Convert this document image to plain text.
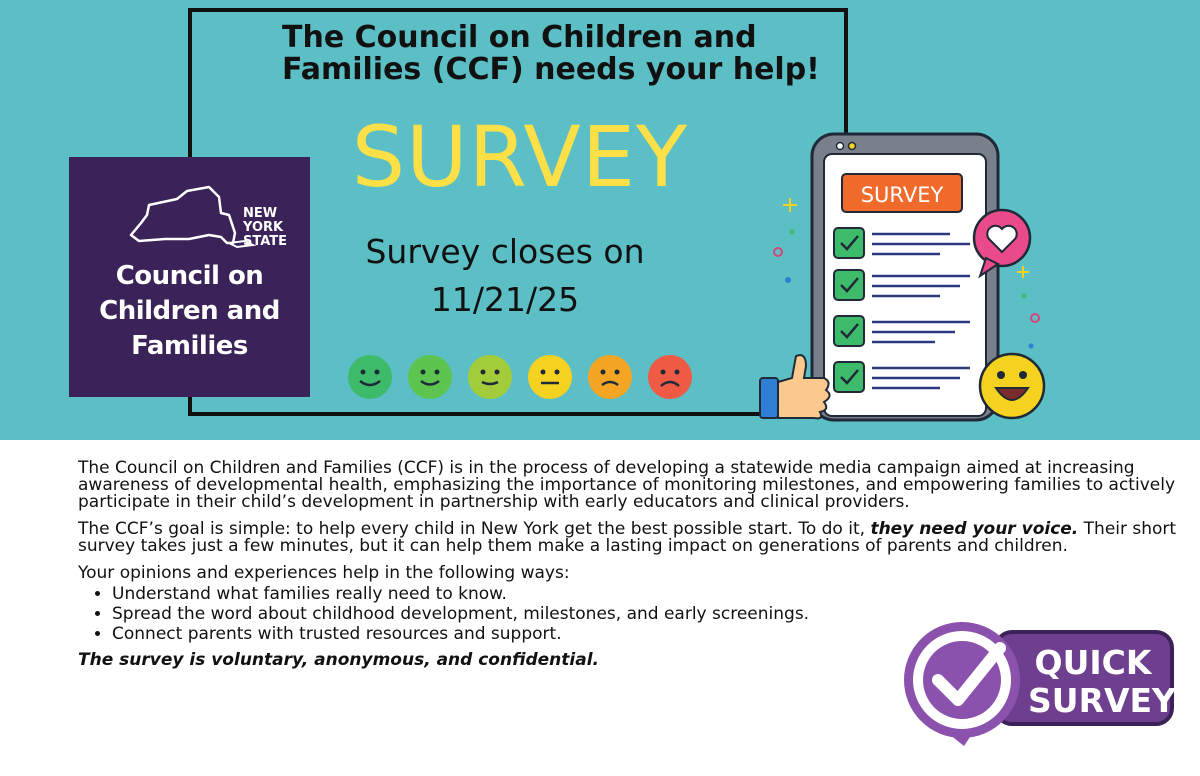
The Council on Children and
Families (CCF) needs your help!
SURVEY
Survey closes on
11/21/25
NEW
YORK
STATE
Council on
Children and
Families
SURVEY

The Council on Children and Families (CCF) is in the process of developing a statewide media campaign aimed at increasing awareness of developmental health, emphasizing the importance of monitoring milestones, and empowering families to actively participate in their child’s development in partnership with early educators and clinical providers.

The CCF’s goal is simple: to help every child in New York get the best possible start. To do it, they need your voice. Their short survey takes just a few minutes, but it can help them make a lasting impact on generations of parents and children.

Your opinions and experiences help in the following ways:

• Understand what families really need to know.
• Spread the word about childhood development, milestones, and early screenings.
• Connect parents with trusted resources and support.

The survey is voluntary, anonymous, and confidential.	QUICK
SURVEY
